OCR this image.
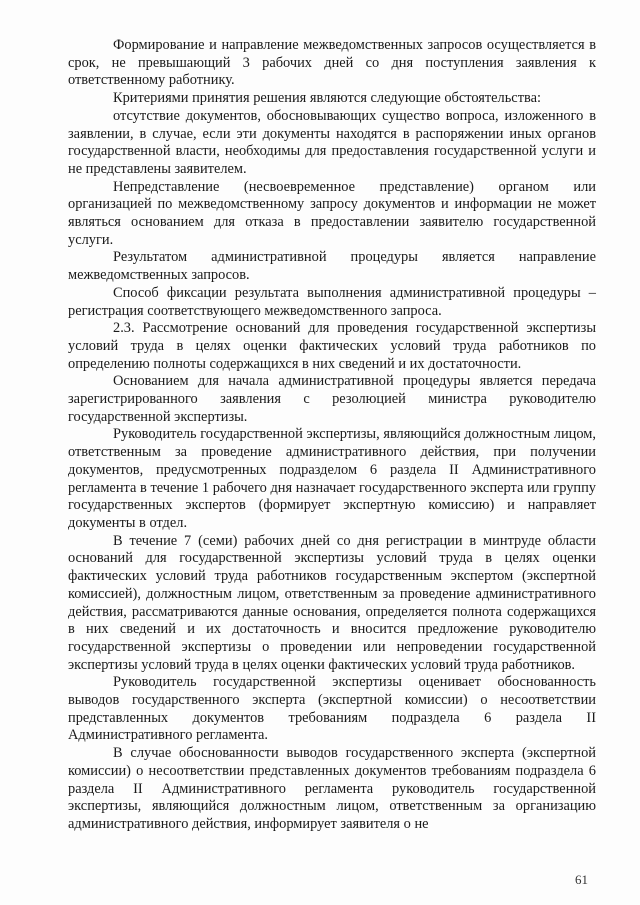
Формирование и направление межведомственных запросов осуществляется в срок, не превышающий 3 рабочих дней со дня поступления заявления к ответственному работнику.

Критериями принятия решения являются следующие обстоятельства:

отсутствие документов, обосновывающих существо вопроса, изложенного в заявлении, в случае, если эти документы находятся в распоряжении иных органов государственной власти, необходимы для предоставления государственной услуги и не представлены заявителем.

Непредставление (несвоевременное представление) органом или организацией по межведомственному запросу документов и информации не может являться основанием для отказа в предоставлении заявителю государственной услуги.

Результатом административной процедуры является направление межведомственных запросов.

Способ фиксации результата выполнения административной процедуры – регистрация соответствующего межведомственного запроса.

2.3. Рассмотрение оснований для проведения государственной экспертизы условий труда в целях оценки фактических условий труда работников по определению полноты содержащихся в них сведений и их достаточности.

Основанием для начала административной процедуры является передача зарегистрированного заявления с резолюцией министра руководителю государственной экспертизы.

Руководитель государственной экспертизы, являющийся должностным лицом, ответственным за проведение административного действия, при получении документов, предусмотренных подразделом 6 раздела II Административного регламента в течение 1 рабочего дня назначает государственного эксперта или группу государственных экспертов (формирует экспертную комиссию) и направляет документы в отдел.

В течение 7 (семи) рабочих дней со дня регистрации в минтруде области оснований для государственной экспертизы условий труда в целях оценки фактических условий труда работников государственным экспертом (экспертной комиссией), должностным лицом, ответственным за проведение административного действия, рассматриваются данные основания, определяется полнота содержащихся в них сведений и их достаточность и вносится предложение руководителю государственной экспертизы о проведении или непроведении государственной экспертизы условий труда в целях оценки фактических условий труда работников.

Руководитель государственной экспертизы оценивает обоснованность выводов государственного эксперта (экспертной комиссии) о несоответствии представленных документов требованиям подраздела 6 раздела II Административного регламента.

В случае обоснованности выводов государственного эксперта (экспертной комиссии) о несоответствии представленных документов требованиям подраздела 6 раздела II Административного регламента руководитель государственной экспертизы, являющийся должностным лицом, ответственным за организацию административного действия, информирует заявителя о не

61
